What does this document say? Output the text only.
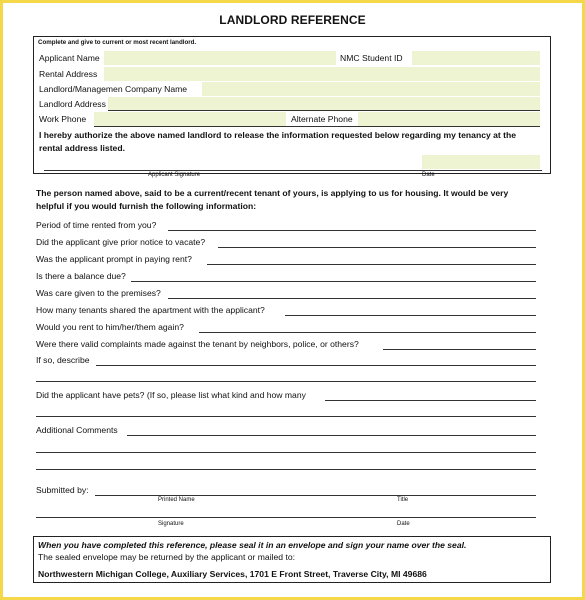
LANDLORD REFERENCE
Complete and give to current or most recent landlord.
Applicant Name	NMC Student ID
Rental Address
Landlord/Managemen Company Name
Landlord Address
Work Phone	Alternate Phone
I hereby authorize the above named landlord to release the information requested below regarding my tenancy at the
rental address listed.
Applicant Signature	Date
The person named above, said to be a current/recent tenant of yours, is applying to us for housing. It would be very
helpful if you would furnish the following information:
Period of time rented from you?
Did the applicant give prior notice to vacate?
Was the applicant prompt in paying rent?
Is there a balance due?
Was care given to the premises?
How many tenants shared the apartment with the applicant?
Would you rent to him/her/them again?
Were there valid complaints made against the tenant by neighbors, police, or others?
If so, describe
Did the applicant have pets? (If so, please list what kind and how many
Additional Comments
Submitted by:
Printed Name	Title
Signature	Date
When you have completed this reference, please seal it in an envelope and sign your name over the seal.
The sealed envelope may be returned by the applicant or mailed to:
Northwestern Michigan College, Auxiliary Services, 1701 E Front Street, Traverse City, MI 49686
